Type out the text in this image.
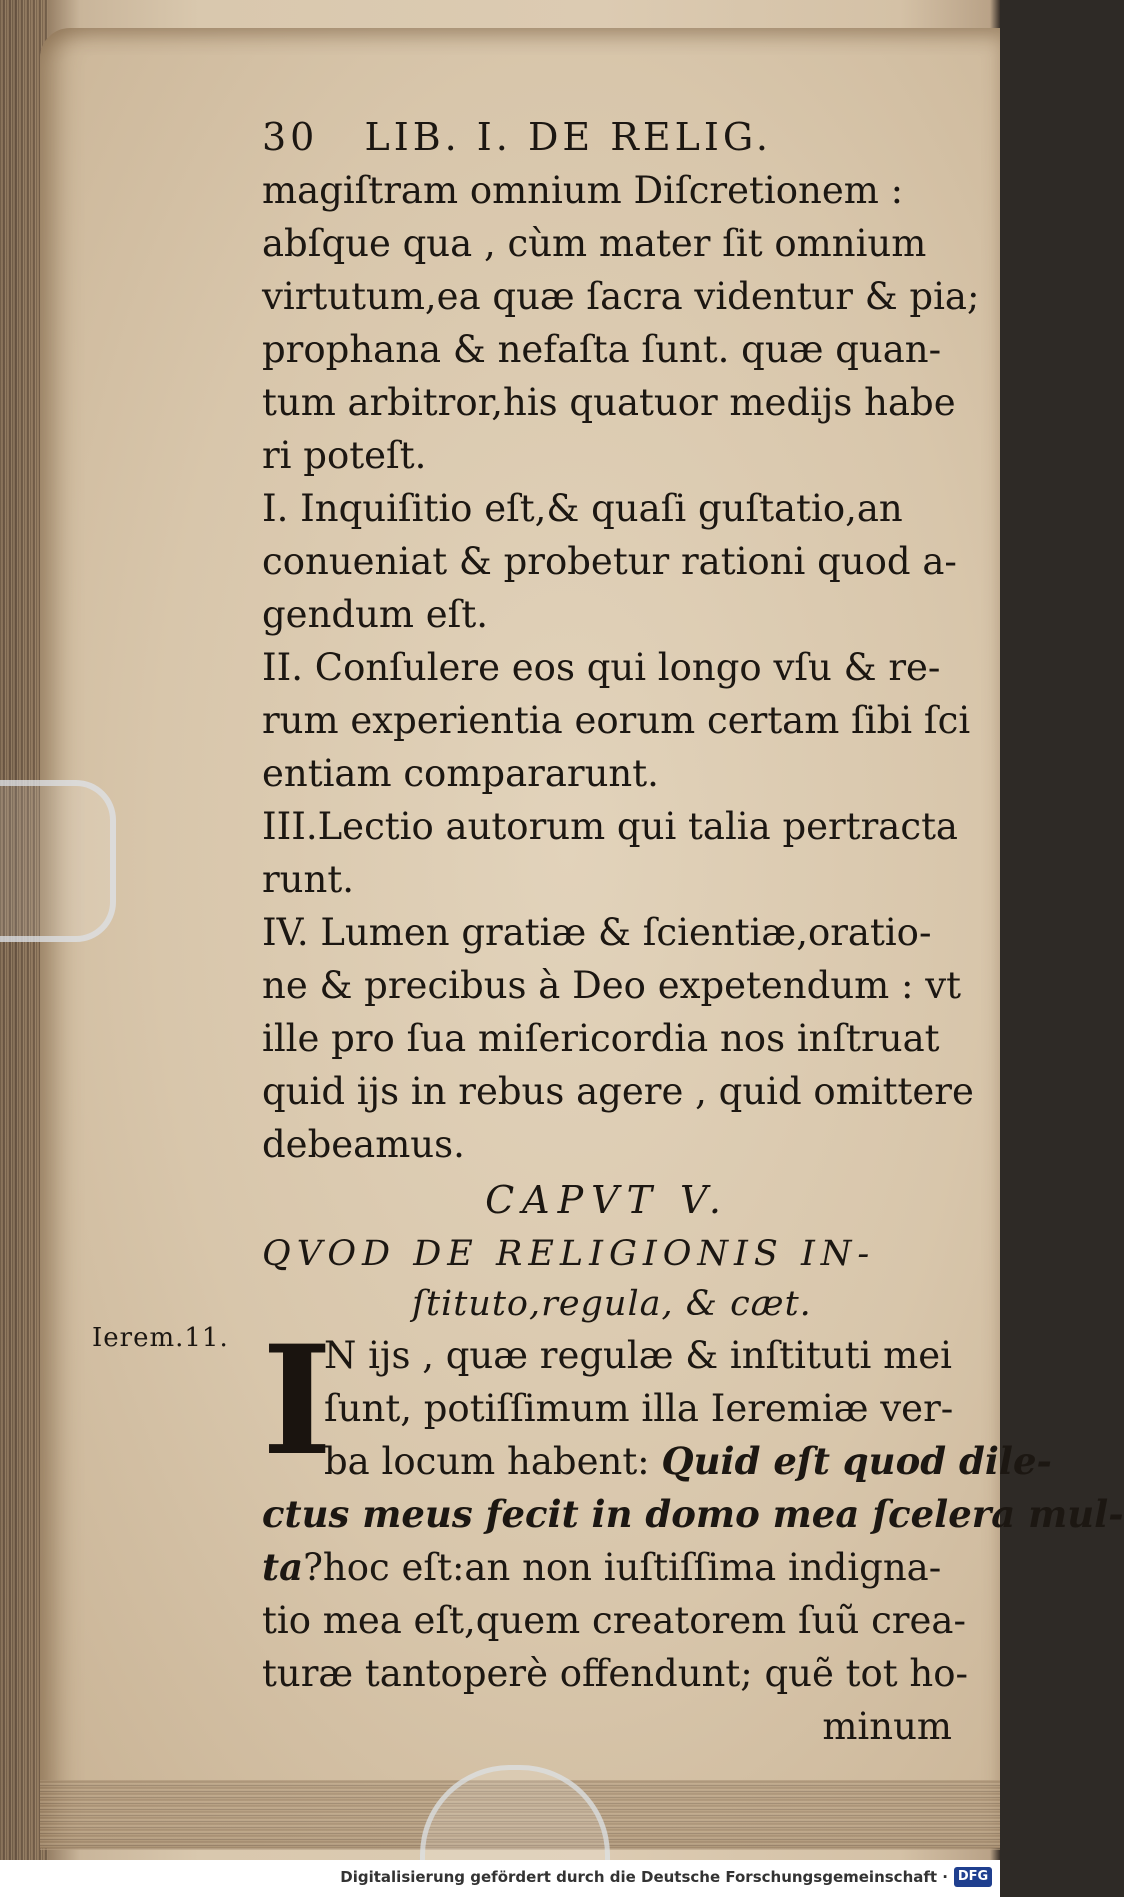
30 LIB. I. DE RELIG.
magiſtram omnium Diſcretionem :
abſque qua , cùm mater ſit omnium
virtutum,ea quæ ſacra videntur & pia;
prophana & nefaſta ſunt. quæ quan-
tum arbitror,his quatuor medijs habe
ri poteſt.
I. Inquiſitio eſt,& quaſi guſtatio,an
conueniat & probetur rationi quod a-
gendum eſt.
II. Conſulere eos qui longo vſu & re-
rum experientia eorum certam ſibi ſci
entiam compararunt.
III.Lectio autorum qui talia pertracta
runt.
IV. Lumen gratiæ & ſcientiæ,oratio-
ne & precibus à Deo expetendum : vt
ille pro ſua miſericordia nos inſtruat
quid ijs in rebus agere , quid omittere
debeamus.
CAPVT V.
QVOD DE RELIGIONIS IN-
ſtituto,regula, & cæt.
I
N ijs , quæ regulæ & inſtituti mei
ſunt, potiſſimum illa Ieremiæ ver-
ba locum habent: Quid eſt quod dile-
ctus meus fecit in domo mea ſcelera mul-
ta?hoc eſt:an non iuſtiſſima indigna-
tio mea eſt,quem creatorem ſuũ crea-
turæ tantoperè offendunt; quẽ tot ho-
minum
Ierem.11.
Digitalisierung gefördert durch die Deutsche Forschungsgemeinschaft · DFG
